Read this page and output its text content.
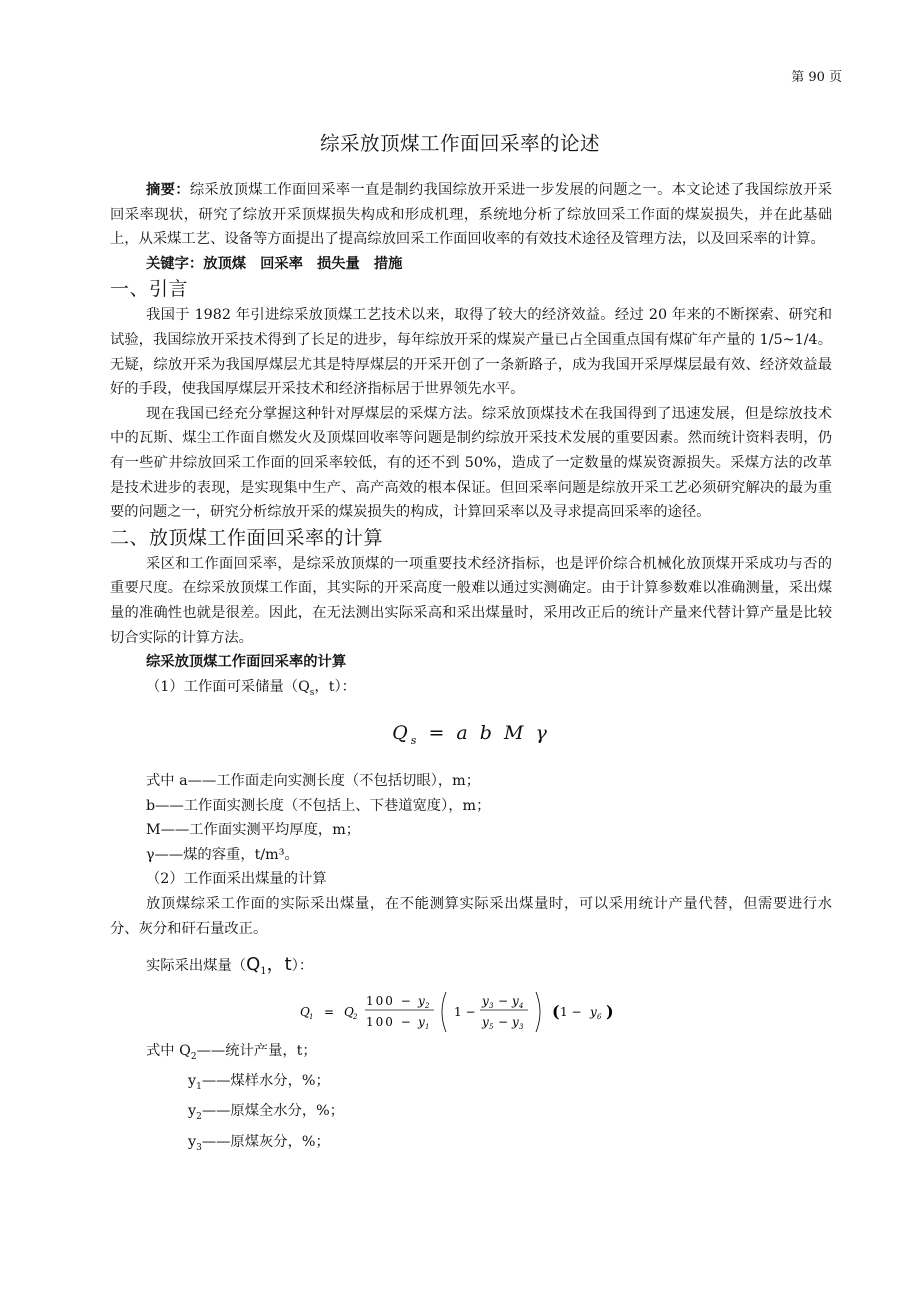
第 90 页
综采放顶煤工作面回采率的论述

摘要：综采放顶煤工作面回采率一直是制约我国综放开采进一步发展的问题之一。本文论述了我国综放开采回采率现状，研究了综放开采顶煤损失构成和形成机理，系统地分析了综放回采工作面的煤炭损失，并在此基础上，从采煤工艺、设备等方面提出了提高综放回采工作面回收率的有效技术途径及管理方法，以及回采率的计算。

关键字：放顶煤 回采率 损失量 措施
一、引言

我国于 1982 年引进综采放顶煤工艺技术以来，取得了较大的经济效益。经过 20 年来的不断探索、研究和试验，我国综放开采技术得到了长足的进步，每年综放开采的煤炭产量已占全国重点国有煤矿年产量的 1/5~1/4。无疑，综放开采为我国厚煤层尤其是特厚煤层的开采开创了一条新路子，成为我国开采厚煤层最有效、经济效益最好的手段，使我国厚煤层开采技术和经济指标居于世界领先水平。

现在我国已经充分掌握这种针对厚煤层的采煤方法。综采放顶煤技术在我国得到了迅速发展，但是综放技术中的瓦斯、煤尘工作面自燃发火及顶煤回收率等问题是制约综放开采技术发展的重要因素。然而统计资料表明，仍有一些矿井综放回采工作面的回采率较低，有的还不到 50%，造成了一定数量的煤炭资源损失。采煤方法的改革是技术进步的表现，是实现集中生产、高产高效的根本保证。但回采率问题是综放开采工艺必须研究解决的最为重要的问题之一，研究分析综放开采的煤炭损失的构成，计算回采率以及寻求提高回采率的途径。

二、放顶煤工作面回采率的计算

采区和工作面回采率，是综采放顶煤的一项重要技术经济指标，也是评价综合机械化放顶煤开采成功与否的重要尺度。在综采放顶煤工作面，其实际的开采高度一般难以通过实测确定。由于计算参数难以准确测量，采出煤量的准确性也就是很差。因此，在无法测出实际采高和采出煤量时，采用改正后的统计产量来代替计算产量是比较切合实际的计算方法。

综采放顶煤工作面回采率的计算

（1）工作面可采储量（$Q_s$，t）：

$Q_s = a$ b M γ

式中 a——工作面走向实测长度（不包括切眼），m；

b——工作面实测长度（不包括上、下巷道宽度），m；

M——工作面实测平均厚度，m；

γ——煤的容重，t/m³。

（2）工作面采出煤量的计算

放顶煤综采工作面的实际采出煤量，在不能测算实际采出煤量时，可以采用统计产量代替，但需要进行水分、灰分和矸石量改正。

实际采出煤量（$Q_1$，t）：

Q 1 = Q 2
100 − y 2
100 − y 1
1 −
y 3 − y 4
y 5 − y 3
( 1 − y 6 )

式中 $Q_2——$统计产量，t；

$y_1——$煤样水分，%；

$y_2——$原煤全水分，%；

$y_3——$原煤灰分，%；
